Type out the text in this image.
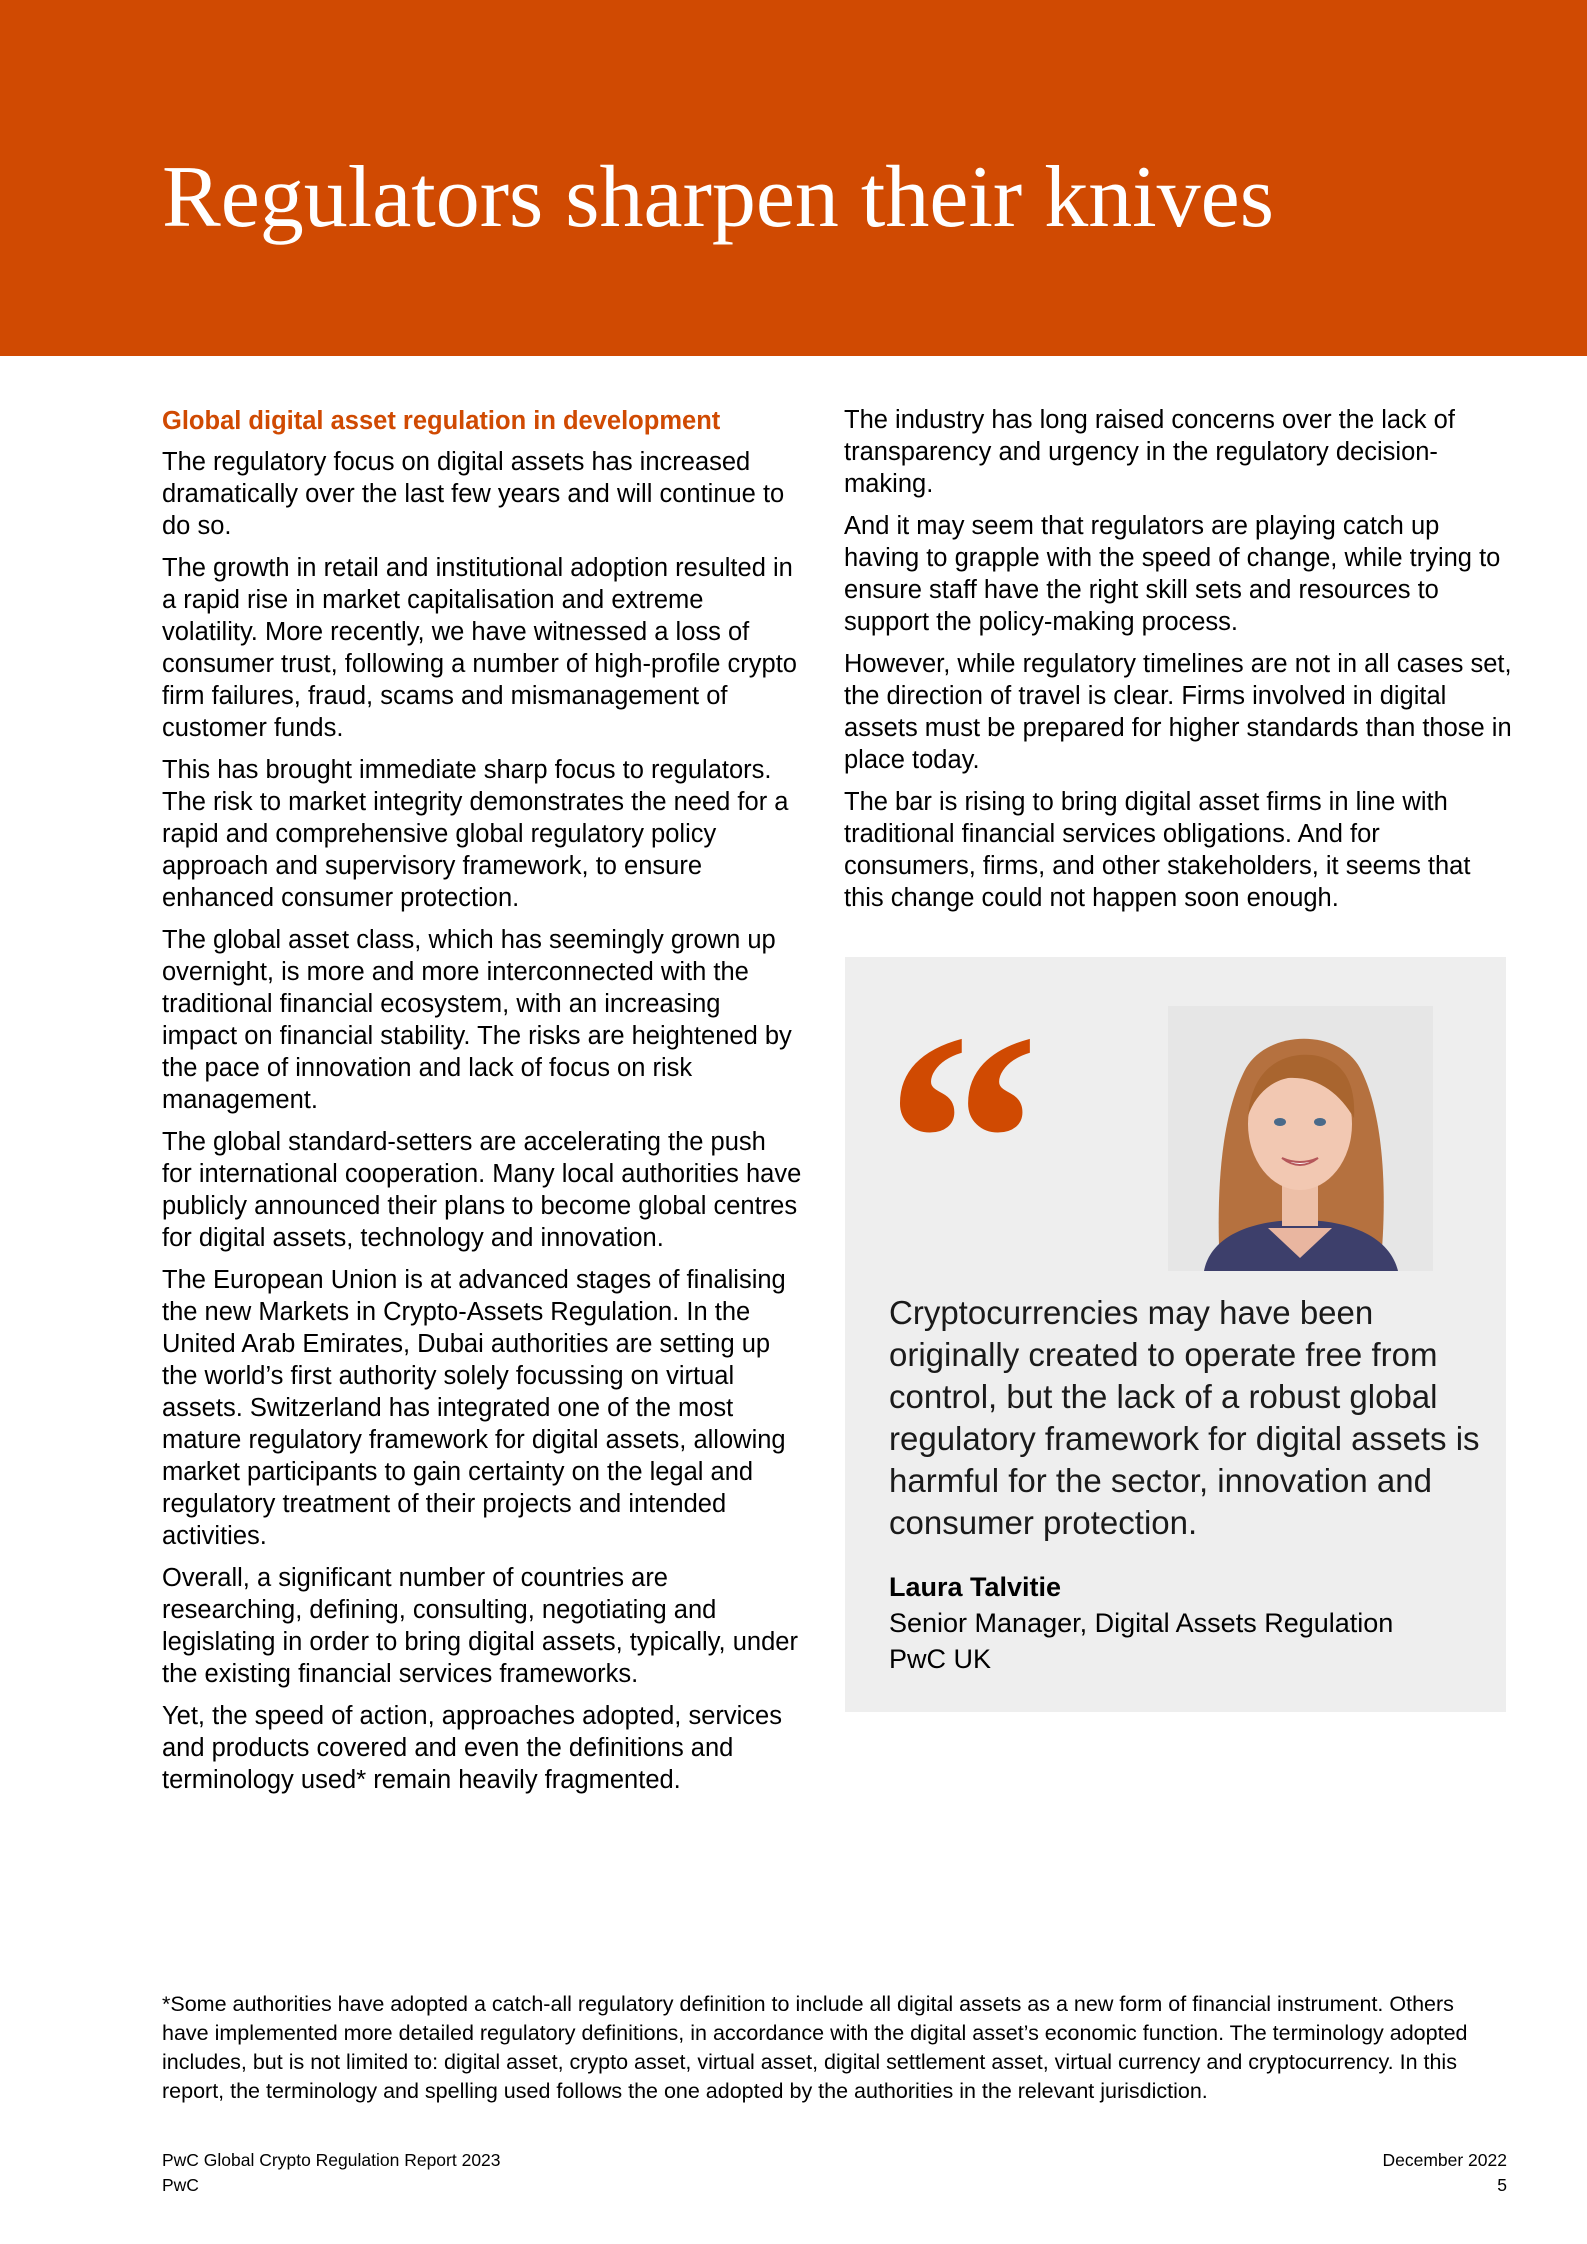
Regulators sharpen their knives
Global digital asset regulation in development

The regulatory focus on digital assets has increased dramatically over the last few years and will continue to do so.

The growth in retail and institutional adoption resulted in a rapid rise in market capitalisation and extreme volatility. More recently, we have witnessed a loss of consumer trust, following a number of high-profile crypto firm failures, fraud, scams and mismanagement of customer funds.

This has brought immediate sharp focus to regulators. The risk to market integrity demonstrates the need for a rapid and comprehensive global regulatory policy approach and supervisory framework, to ensure enhanced consumer protection.

The global asset class, which has seemingly grown up overnight, is more and more interconnected with the traditional financial ecosystem, with an increasing impact on financial stability. The risks are heightened by the pace of innovation and lack of focus on risk management.

The global standard-setters are accelerating the push for international cooperation. Many local authorities have publicly announced their plans to become global centres for digital assets, technology and innovation.

The European Union is at advanced stages of finalising the new Markets in Crypto-Assets Regulation. In the United Arab Emirates, Dubai authorities are setting up the world’s first authority solely focussing on virtual assets. Switzerland has integrated one of the most mature regulatory framework for digital assets, allowing market participants to gain certainty on the legal and regulatory treatment of their projects and intended activities.

Overall, a significant number of countries are researching, defining, consulting, negotiating and legislating in order to bring digital assets, typically, under the existing financial services frameworks.

Yet, the speed of action, approaches adopted, services and products covered and even the definitions and terminology used* remain heavily fragmented.

The industry has long raised concerns over the lack of transparency and urgency in the regulatory decision-making.

And it may seem that regulators are playing catch up having to grapple with the speed of change, while trying to ensure staff have the right skill sets and resources to support the policy-making process.

However, while regulatory timelines are not in all cases set, the direction of travel is clear. Firms involved in digital assets must be prepared for higher standards than those in place today.

The bar is rising to bring digital asset firms in line with traditional financial services obligations. And for consumers, firms, and other stakeholders, it seems that this change could not happen soon enough.

“

Cryptocurrencies may have been originally created to operate free from control, but the lack of a robust global regulatory framework for digital assets is harmful for the sector, innovation and consumer protection.

Laura Talvitie

Senior Manager, Digital Assets Regulation

PwC UK

*Some authorities have adopted a catch-all regulatory definition to include all digital assets as a new form of financial instrument. Others have implemented more detailed regulatory definitions, in accordance with the digital asset’s economic function. The terminology adopted includes, but is not limited to: digital asset, crypto asset, virtual asset, digital settlement asset, virtual currency and cryptocurrency. In this report, the terminology and spelling used follows the one adopted by the authorities in the relevant jurisdiction.

PwC Global Crypto Regulation Report 2023
PwC
December 2022
5
